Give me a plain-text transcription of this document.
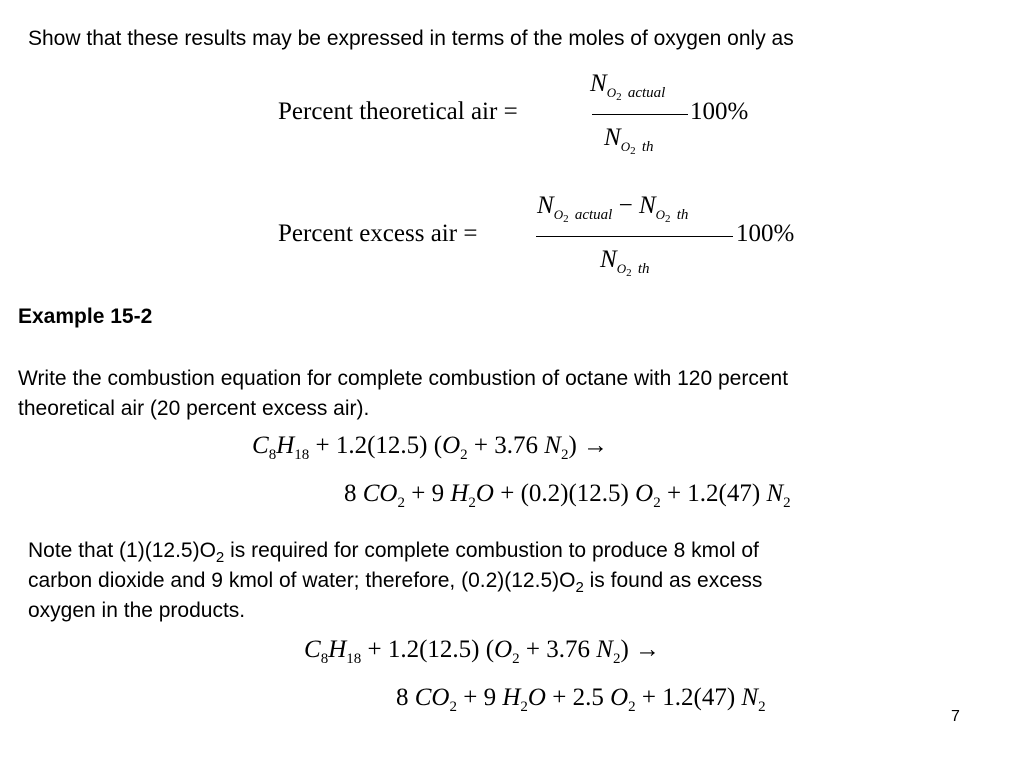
Show that these results may be expressed in terms of the moles of oxygen only as
Percent theoretical air =
$N_{O2}$ $_{actual}$
$N_{O2}$ $_{th}$
100%
Percent excess air =
$N_{O2}$ $_{actual} - N_{O2}$ $_{th}$
$N_{O2}$ $_{th}$
100%
Example 15-2
Write the combustion equation for complete combustion of octane with 120 percent
theoretical air (20 percent excess air).
$C_8H_{18} + 1.2(12.5) (O_2 + 3.76$ $N_2$) →
8 $CO_2 + 9$ $H_2O + (0.2)(12.5) O_2 + 1.2(47)$ $N_2$
Note that $(1)(12.5)O_2$ is required for complete combustion to produce 8 kmol of
carbon dioxide and 9 kmol of water; therefore, $(0.2)(12.5)O_2$ is found as excess
oxygen in the products.
$C_8H_{18} + 1.2(12.5) (O_2 + 3.76$ $N_2$) →
8 $CO_2 + 9$ $H_2O + 2.5$ $O_2 + 1.2(47)$ $N_2$
7
